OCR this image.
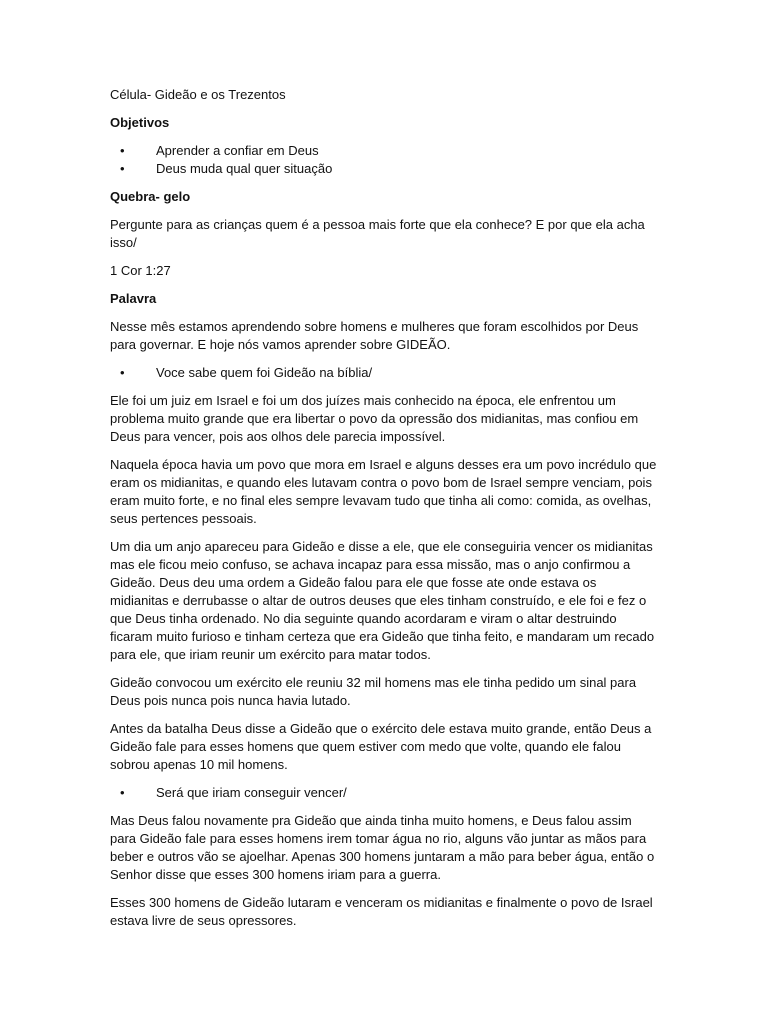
Célula- Gideão e os Trezentos

Objetivos

• Aprender a confiar em Deus

• Deus muda qual quer situação

Quebra- gelo

Pergunte para as crianças quem é a pessoa mais forte que ela conhece? E por que ela acha isso/

1 Cor 1:27

Palavra

Nesse mês estamos aprendendo sobre homens e mulheres que foram escolhidos por Deus para governar. E hoje nós vamos aprender sobre GIDEÃO.

• Voce sabe quem foi Gideão na bíblia/

Ele foi um juiz em Israel e foi um dos juízes mais conhecido na época, ele enfrentou um problema muito grande que era libertar o povo da opressão dos midianitas, mas confiou em Deus para vencer, pois aos olhos dele parecia impossível.

Naquela época havia um povo que mora em Israel e alguns desses era um povo incrédulo que eram os midianitas, e quando eles lutavam contra o povo bom de Israel sempre venciam, pois eram muito forte, e no final eles sempre levavam tudo que tinha ali como: comida, as ovelhas, seus pertences pessoais.

Um dia um anjo apareceu para Gideão e disse a ele, que ele conseguiria vencer os midianitas mas ele ficou meio confuso, se achava incapaz para essa missão, mas o anjo confirmou a Gideão. Deus deu uma ordem a Gideão falou para ele que fosse ate onde estava os midianitas e derrubasse o altar de outros deuses que eles tinham construído, e ele foi e fez o que Deus tinha ordenado. No dia seguinte quando acordaram e viram o altar destruindo ficaram muito furioso e tinham certeza que era Gideão que tinha feito, e mandaram um recado para ele, que iriam reunir um exército para matar todos.

Gideão convocou um exército ele reuniu 32 mil homens mas ele tinha pedido um sinal para Deus pois nunca pois nunca havia lutado.

Antes da batalha Deus disse a Gideão que o exército dele estava muito grande, então Deus a Gideão fale para esses homens que quem estiver com medo que volte, quando ele falou sobrou apenas 10 mil homens.

• Será que iriam conseguir vencer/

Mas Deus falou novamente pra Gideão que ainda tinha muito homens, e Deus falou assim para Gideão fale para esses homens irem tomar água no rio, alguns vão juntar as mãos para beber e outros vão se ajoelhar. Apenas 300 homens juntaram a mão para beber água, então o Senhor disse que esses 300 homens iriam para a guerra.

Esses 300 homens de Gideão lutaram e venceram os midianitas e finalmente o povo de Israel estava livre de seus opressores.
